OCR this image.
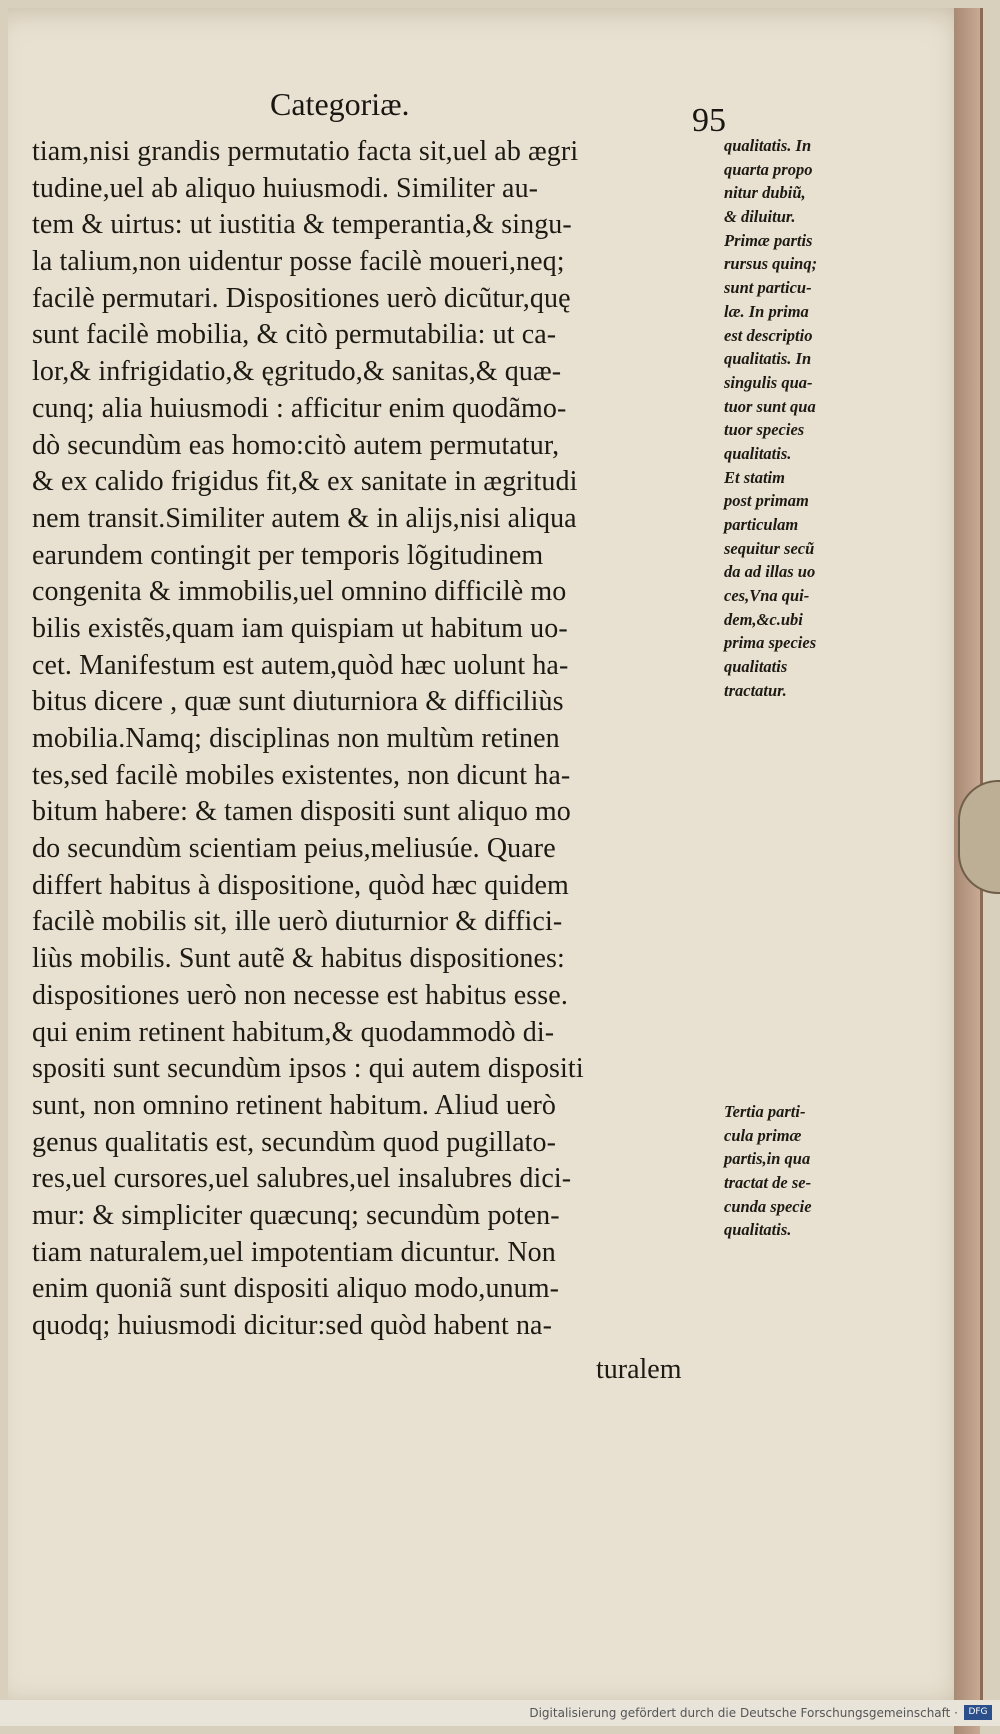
Categoriæ.	95
tiam,nisi grandis permutatio facta sit,uel ab ægri
tudine,uel ab aliquo huiusmodi. Similiter au-
tem & uirtus: ut iustitia & temperantia,& singu-
la talium,non uidentur posse facilè moueri,neq;
facilè permutari. Dispositiones uerò dicũtur,quę
sunt facilè mobilia, & citò permutabilia: ut ca-
lor,& infrigidatio,& ęgritudo,& sanitas,& quæ-
cunq; alia huiusmodi : afficitur enim quodãmo-
dò secundùm eas homo:citò autem permutatur,
& ex calido frigidus fit,& ex sanitate in ægritudi
nem transit.Similiter autem & in alijs,nisi aliqua
earundem contingit per temporis lõgitudinem
congenita & immobilis,uel omnino difficilè mo
bilis existẽs,quam iam quispiam ut habitum uo-
cet. Manifestum est autem,quòd hæc uolunt ha-
bitus dicere , quæ sunt diuturniora & difficiliùs
mobilia.Namq; disciplinas non multùm retinen
tes,sed facilè mobiles existentes, non dicunt ha-
bitum habere: & tamen dispositi sunt aliquo mo
do secundùm scientiam peius,meliusúe. Quare
differt habitus à dispositione, quòd hæc quidem
facilè mobilis sit, ille uerò diuturnior & diffici-
liùs mobilis. Sunt autẽ & habitus dispositiones:
dispositiones uerò non necesse est habitus esse.
qui enim retinent habitum,& quodammodò di-
spositi sunt secundùm ipsos : qui autem dispositi
sunt, non omnino retinent habitum. Aliud uerò
genus qualitatis est, secundùm quod pugillato-
res,uel cursores,uel salubres,uel insalubres dici-
mur: & simpliciter quæcunq; secundùm poten-
tiam naturalem,uel impotentiam dicuntur. Non
enim quoniã sunt dispositi aliquo modo,unum-
quodq; huiusmodi dicitur:sed quòd habent na-
qualitatis. In
quarta propo
nitur dubiũ,
& diluitur.
Primæ partis
rursus quinq;
sunt particu-
læ. In prima
est descriptio
qualitatis. In
singulis qua-
tuor sunt qua
tuor species
qualitatis.
Et statim
post primam
particulam
sequitur secũ
da ad illas uo
ces,Vna qui-
dem,&c.ubi
prima species
qualitatis
tractatur.
Tertia parti-
cula primæ
partis,in qua
tractat de se-
cunda specie
qualitatis.
turalem
Digitalisierung gefördert durch die Deutsche Forschungsgemeinschaft ·	DFG
